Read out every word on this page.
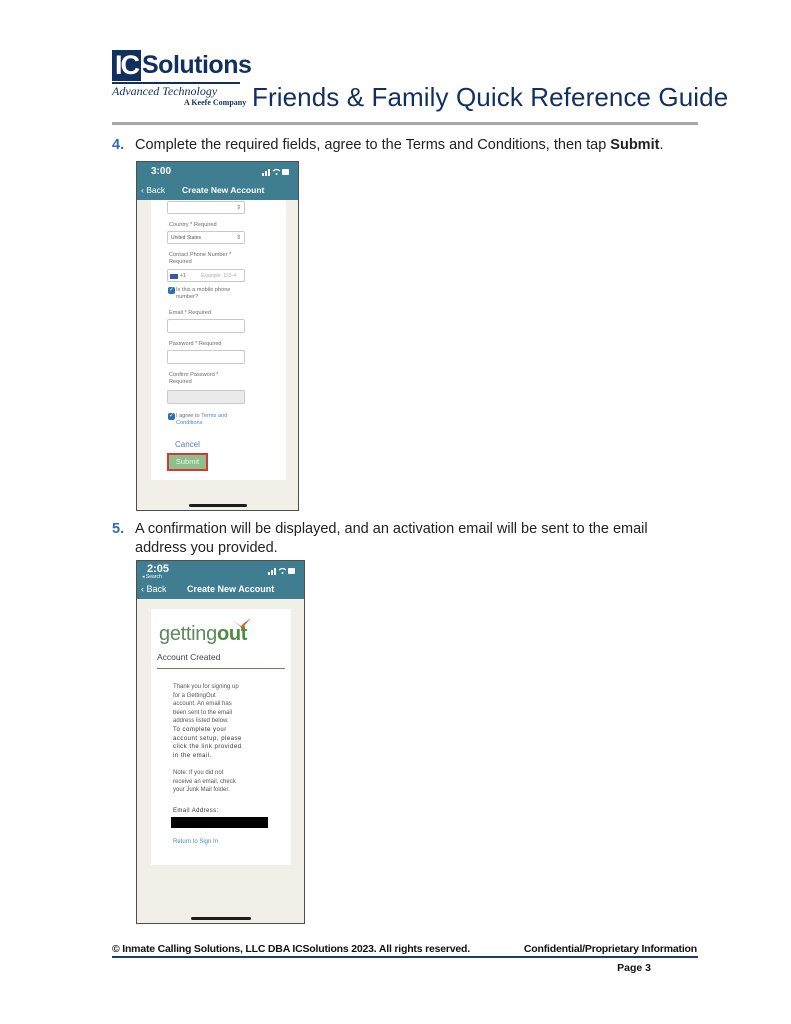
IC Solutions
Advanced Technology
A Keefe Company Friends & Family Quick Reference Guide
4. Complete the required fields, agree to the Terms and Conditions, then tap Submit.
3:00
‹ Back Create New Account
⇕
Country * Required
United States	⇕
Contact Phone Number *
Required
+1	Example: 123-4
✓ Is this a mobile phone
number?
Email * Required
Password * Required
Confirm Password *
Required
✓ I agree to Terms and
Conditions
Cancel
Submit
5. A confirmation will be displayed, and an activation email will be sent to the email address you provided.
2:05
◂ Search
‹ Back Create New Account
gettingout
Account Created
Thank you for signing up
for a GettingOut
account. An email has
been sent to the email
address listed below.
To complete your
account setup, please
click the link provided
in the email.
Note: If you did not
receive an email, check
your Junk Mail folder.
Email Address:
Return to Sign In
© Inmate Calling Solutions, LLC DBA ICSolutions 2023. All rights reserved.	Confidential/Proprietary Information
Page 3
